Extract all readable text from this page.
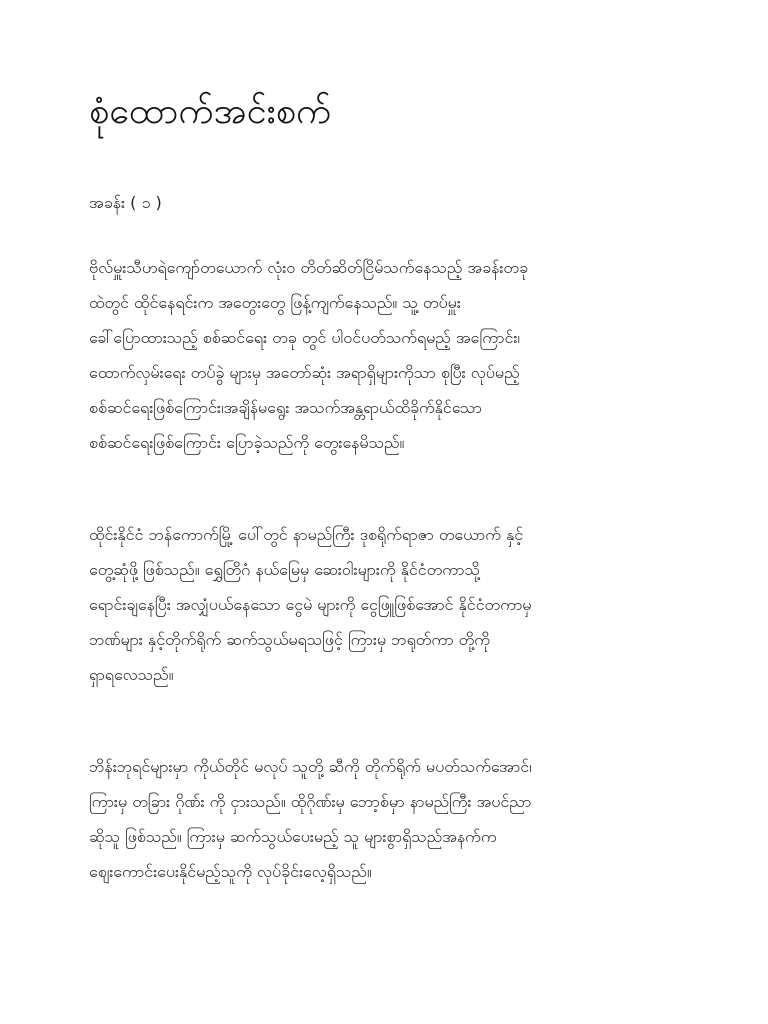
စုံထောက်အင်းစက်

အခန်း ( ၁ )

ဗိုလ်မှူးသီဟရဲကျော်တယောက် လုံးဝ တိတ်ဆိတ်ငြိမ်သက်နေသည့် အခန်းတခု
ထဲတွင် ထိုင်နေရင်းက အတွေးတွေ ဖြန့်ကျက်နေသည်။ သူ့ တပ်မှူး
ခေါ်ပြောထားသည့် စစ်ဆင်ရေး တခု တွင် ပါဝင်ပတ်သက်ရမည့် အကြောင်း၊
ထောက်လှမ်းရေး တပ်ခွဲ များမှ အတော်ဆုံး အရာရှိများကိုသာ စုပြီး လုပ်မည့်
စစ်ဆင်ရေးဖြစ်ကြောင်း၊အချိန်မရွေး အသက်အန္တရာယ်ထိခိုက်နိုင်သော
စစ်ဆင်ရေးဖြစ်ကြောင်း ပြောခဲ့သည်ကို တွေးနေမိသည်။
ထိုင်းနိုင်ငံ ဘန်ကောက်မြို့ ပေါ်တွင် နာမည်ကြီး ဒုစရိုက်ရာဇာ တယောက် နှင့်
တွေ့ဆုံဖို့ ဖြစ်သည်။ ရွှေတြိဂံ နယ်မြေမှ ဆေးဝါးများကို နိုင်ငံတကာသို့
ရောင်းချနေပြီး အလျှံပယ်နေသော ငွေမဲ များကို ငွေဖြူဖြစ်အောင် နိုင်ငံတကာမှ
ဘဏ်များ နှင့်တိုက်ရိုက် ဆက်သွယ်မရသဖြင့် ကြားမှ ဘရုတ်ကာ တို့ကို
ရှာရလေသည်။
ဘိန်းဘုရင်များမှာ ကိုယ်တိုင် မလုပ် သူတို့ ဆီကို တိုက်ရိုက် မပတ်သက်အောင်၊
ကြားမှ တခြား ဂိုဏ်း ကို ငှားသည်။ ထိုဂိုဏ်းမှ ဘော့စ်မှာ နာမည်ကြီး အပင်ညာ
ဆိုသူ ဖြစ်သည်။ ကြားမှ ဆက်သွယ်ပေးမည့် သူ များစွာရှိသည်အနက်က
စျေးကောင်းပေးနိုင်မည့်သူကို လုပ်ခိုင်းလေ့ရှိသည်။
